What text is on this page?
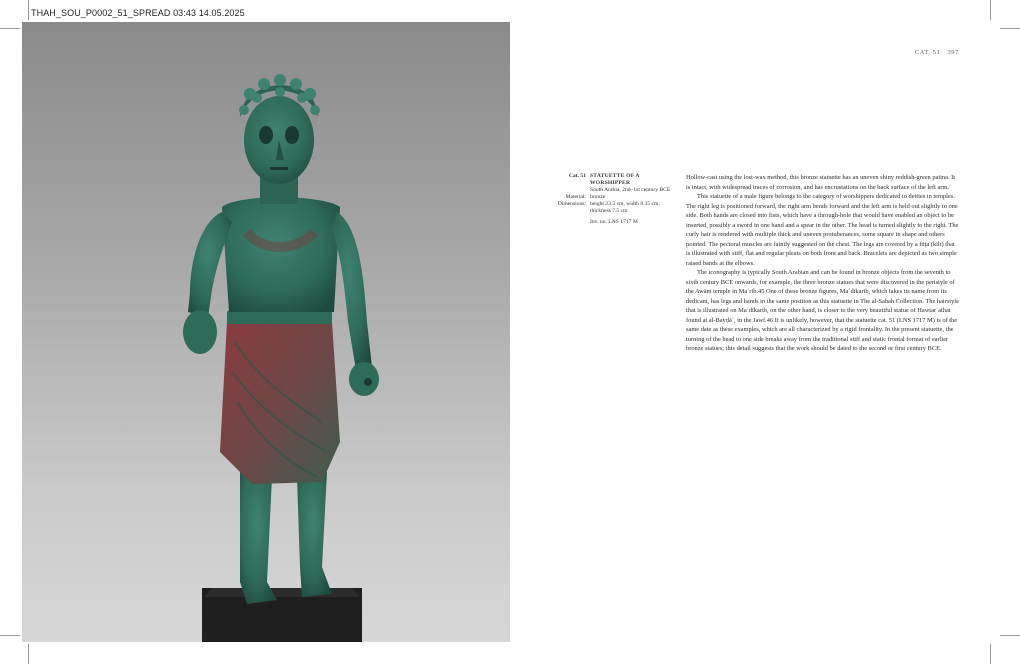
THAH_SOU_P0002_51_SPREAD 03:43 14.05.2025
CAT. 51 397
Cat. 51 STATUETTE OF A WORSHIPPER
South Arabia, 2nd–1st century BCE
Material: bronze
Dimensions: height 23.5 cm, width 8.35 cm, thickness 7.5 cm
Inv. no. LNS 1717 M

Hollow-cast using the lost-wax method, this bronze statuette has an uneven shiny reddish-green patina. It is intact, with widespread traces of corrosion, and has encrustations on the back surface of the left arm.

This statuette of a male figure belongs to the category of worshippers dedicated to deities in temples. The right leg is positioned forward, the right arm bends forward and the left arm is held out slightly to one side. Both hands are closed into fists, which have a through-hole that would have enabled an object to be inserted, possibly a sword in one hand and a spear in the other. The head is turned slightly to the right. The curly hair is rendered with multiple thick and uneven protuberances, some square in shape and others pointed. The pectoral muscles are faintly suggested on the chest. The legs are covered by a fūṭa (kilt) that is illustrated with stiff, flat and regular pleats on both front and back. Bracelets are depicted as two simple raised bands at the elbows.

The iconography is typically South Arabian and can be found in bronze objects from the seventh to sixth century BCE onwards, for example, the three bronze statues that were discovered in the peristyle of the Awām temple in Maʾrib.45 One of these bronze figures, Maʿdīkarib, which takes its name from its dedicant, has legs and hands in the same position as this statuette in The al-Sabah Collection. The hairstyle that is illustrated on Maʿdīkarib, on the other hand, is closer to the very beautiful statue of Hawtarʿathat found at al-Bayḍāʾ, in the Jawf.46 It is unlikely, however, that the statuette cat. 51 (LNS 1717 M) is of the same date as these examples, which are all characterized by a rigid frontality. In the present statuette, the turning of the head to one side breaks away from the traditional stiff and static frontal format of earlier bronze statues; this detail suggests that the work should be dated to the second or first century BCE.
